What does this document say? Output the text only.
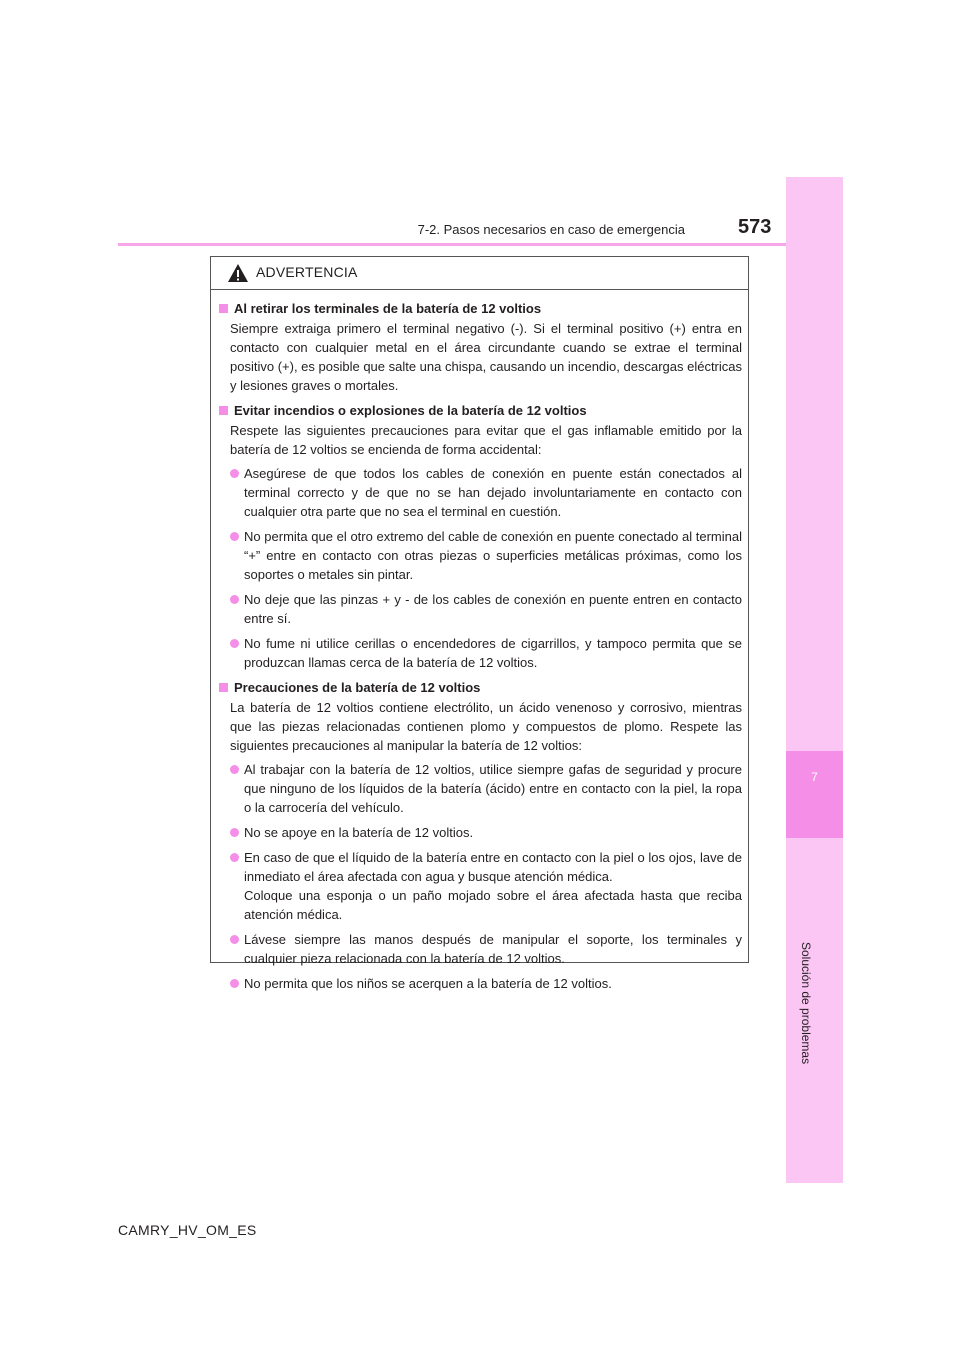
7-2. Pasos necesarios en caso de emergencia	573
7
Solución de problemas
ADVERTENCIA
Al retirar los terminales de la batería de 12 voltios
Siempre extraiga primero el terminal negativo (-). Si el terminal positivo (+) entra en contacto con cualquier metal en el área circundante cuando se extrae el terminal positivo (+), es posible que salte una chispa, causando un incendio, descargas eléctricas y lesiones graves o mortales.
Evitar incendios o explosiones de la batería de 12 voltios
Respete las siguientes precauciones para evitar que el gas inflamable emitido por la batería de 12 voltios se encienda de forma accidental:
Asegúrese de que todos los cables de conexión en puente están conectados al terminal correcto y de que no se han dejado involuntariamente en contacto con cualquier otra parte que no sea el terminal en cuestión.
No permita que el otro extremo del cable de conexión en puente conectado al terminal “+” entre en contacto con otras piezas o superficies metálicas próximas, como los soportes o metales sin pintar.
No deje que las pinzas + y - de los cables de conexión en puente entren en contacto entre sí.
No fume ni utilice cerillas o encendedores de cigarrillos, y tampoco permita que se produzcan llamas cerca de la batería de 12 voltios.
Precauciones de la batería de 12 voltios
La batería de 12 voltios contiene electrólito, un ácido venenoso y corrosivo, mientras que las piezas relacionadas contienen plomo y compuestos de plomo. Respete las siguientes precauciones al manipular la batería de 12 voltios:
Al trabajar con la batería de 12 voltios, utilice siempre gafas de seguridad y procure que ninguno de los líquidos de la batería (ácido) entre en contacto con la piel, la ropa o la carrocería del vehículo.
No se apoye en la batería de 12 voltios.
En caso de que el líquido de la batería entre en contacto con la piel o los ojos, lave de inmediato el área afectada con agua y busque atención médica.
Coloque una esponja o un paño mojado sobre el área afectada hasta que reciba atención médica.
Lávese siempre las manos después de manipular el soporte, los terminales y cualquier pieza relacionada con la batería de 12 voltios.
No permita que los niños se acerquen a la batería de 12 voltios.
CAMRY_HV_OM_ES
